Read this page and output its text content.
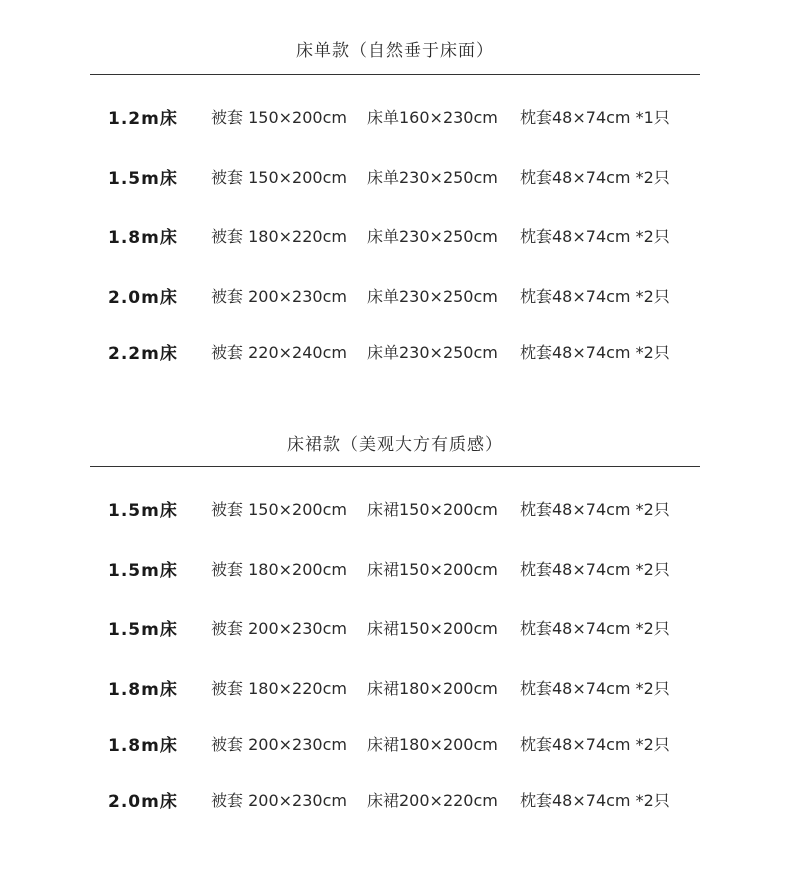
床单款（自然垂于床面）
1.2m床 被套 150×200cm 床单160×230cm 枕套48×74cm *1只
1.5m床 被套 150×200cm 床单230×250cm 枕套48×74cm *2只
1.8m床 被套 180×220cm 床单230×250cm 枕套48×74cm *2只
2.0m床 被套 200×230cm 床单230×250cm 枕套48×74cm *2只
2.2m床 被套 220×240cm 床单230×250cm 枕套48×74cm *2只
床裙款（美观大方有质感）
1.5m床 被套 150×200cm 床裙150×200cm 枕套48×74cm *2只
1.5m床 被套 180×200cm 床裙150×200cm 枕套48×74cm *2只
1.5m床 被套 200×230cm 床裙150×200cm 枕套48×74cm *2只
1.8m床 被套 180×220cm 床裙180×200cm 枕套48×74cm *2只
1.8m床 被套 200×230cm 床裙180×200cm 枕套48×74cm *2只
2.0m床 被套 200×230cm 床裙200×220cm 枕套48×74cm *2只
